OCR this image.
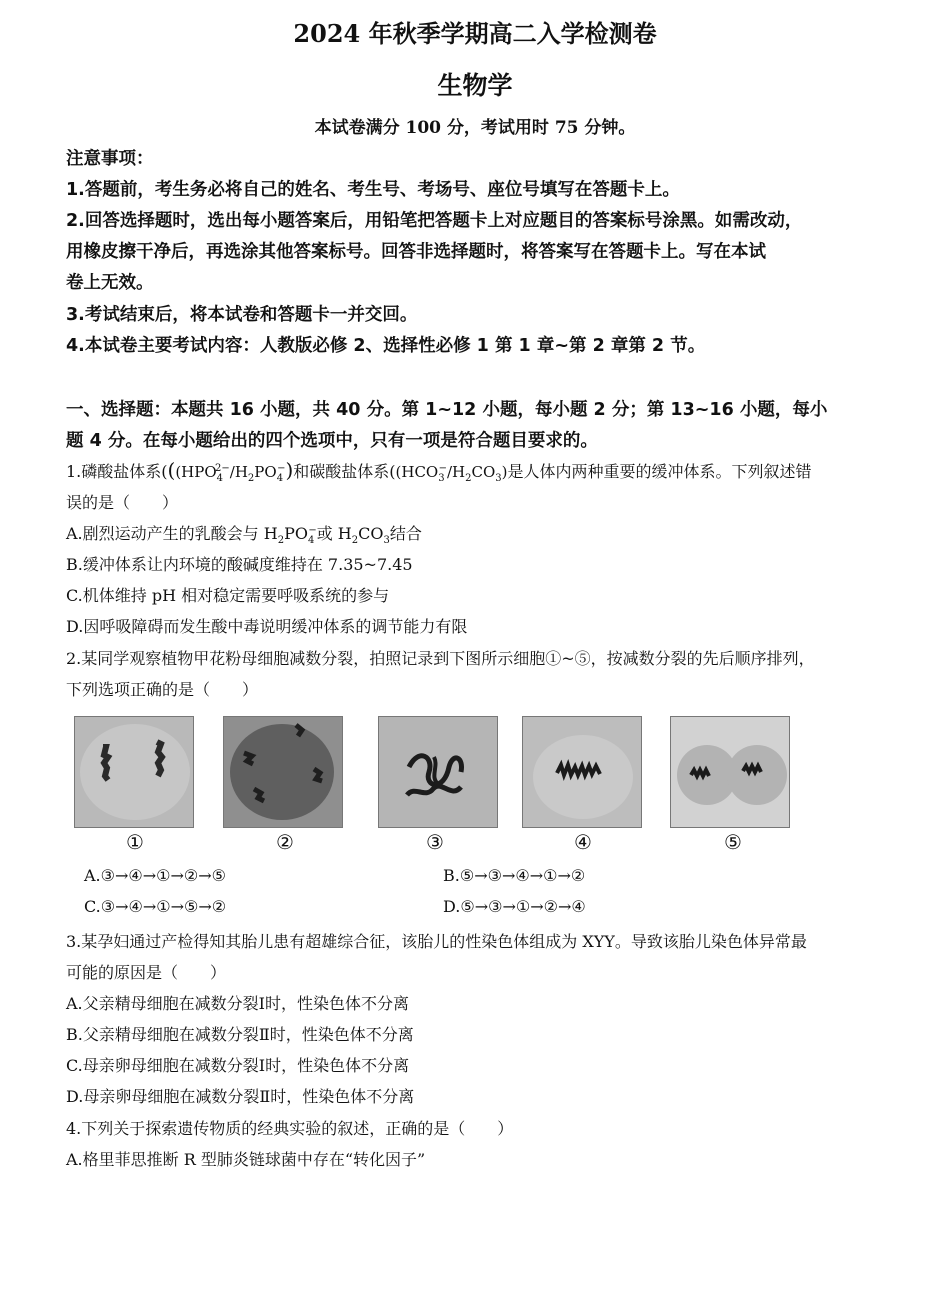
2024 年秋季学期高二入学检测卷
生物学
本试卷满分 100 分，考试用时 75 分钟。
注意事项：
1.答题前，考生务必将自己的姓名、考生号、考场号、座位号填写在答题卡上。
2.回答选择题时，选出每小题答案后，用铅笔把答题卡上对应题目的答案标号涂黑。如需改动，
用橡皮擦干净后，再选涂其他答案标号。回答非选择题时，将答案写在答题卡上。写在本试
卷上无效。
3.考试结束后，将本试卷和答题卡一并交回。
4.本试卷主要考试内容：人教版必修 2、选择性必修 1 第 1 章~第 2 章第 2 节。
一、选择题：本题共 16 小题，共 40 分。第 1~12 小题，每小题 2 分；第 13~16 小题，每小
题 4 分。在每小题给出的四个选项中，只有一项是符合题目要求的。
1.磷酸盐体系(($(HPO_4^{2-}/H_2PO_4^-)$和碳酸盐体系($(HCO_3^-/H_2CO_3)$是人体内两种重要的缓冲体系。下列叙述错
误的是（　　）
A.剧烈运动产生的乳酸会与 $H_2PO_4^-$或 $H_2CO_3$结合
B.缓冲体系让内环境的酸碱度维持在 7.35~7.45
C.机体维持 pH 相对稳定需要呼吸系统的参与
D.因呼吸障碍而发生酸中毒说明缓冲体系的调节能力有限
2.某同学观察植物甲花粉母细胞减数分裂，拍照记录到下图所示细胞①~⑤，按减数分裂的先后顺序排列，
下列选项正确的是（　　）
①	②	③	④	⑤
A.③→④→①→②→⑤	B.⑤→③→④→①→②
C.③→④→①→⑤→②	D.⑤→③→①→②→④
3.某孕妇通过产检得知其胎儿患有超雄综合征，该胎儿的性染色体组成为 XYY。导致该胎儿染色体异常最
可能的原因是（　　）
A.父亲精母细胞在减数分裂Ⅰ时，性染色体不分离
B.父亲精母细胞在减数分裂Ⅱ时，性染色体不分离
C.母亲卵母细胞在减数分裂Ⅰ时，性染色体不分离
D.母亲卵母细胞在减数分裂Ⅱ时，性染色体不分离
4.下列关于探索遗传物质的经典实验的叙述，正确的是（　　）
A.格里菲思推断 R 型肺炎链球菌中存在“转化因子”
